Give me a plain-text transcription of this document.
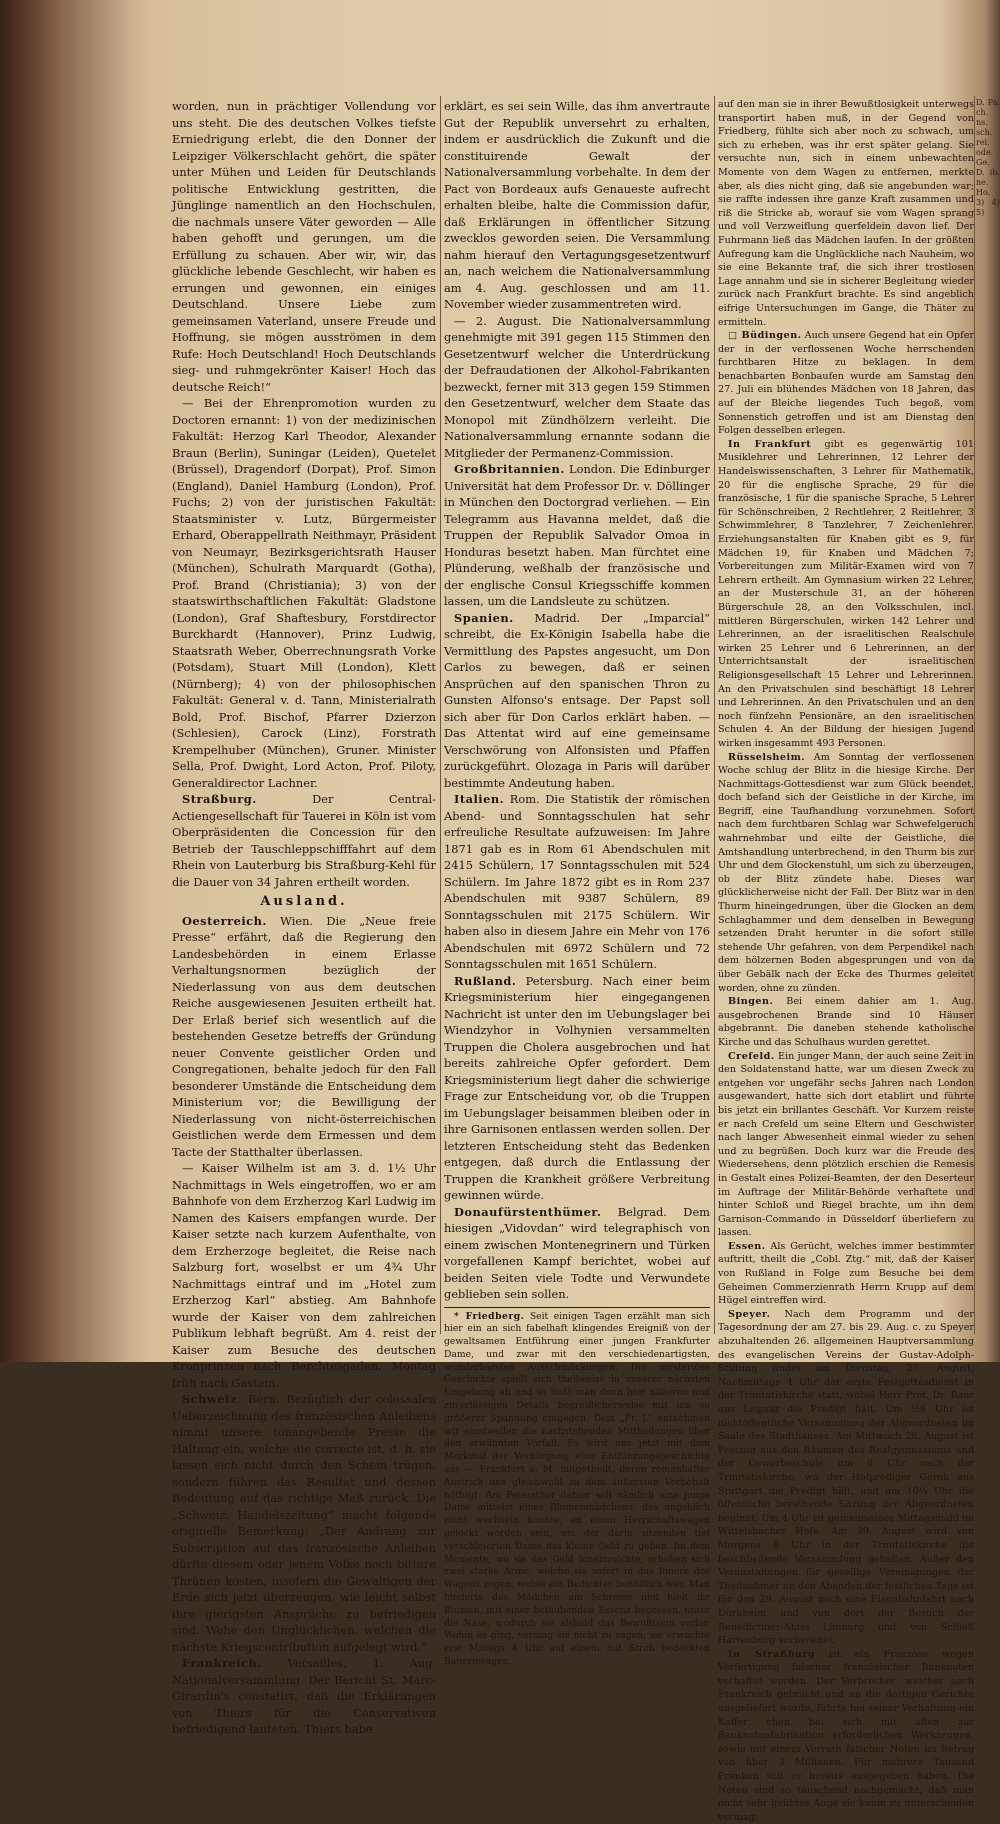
worden, nun in prächtiger Vollendung vor uns steht. Die des deutschen Volkes tiefste Erniedrigung erlebt, die den Donner der Leipziger Völkerschlacht gehört, die später unter Mühen und Leiden für Deutschlands politische Entwicklung gestritten, die Jünglinge namentlich an den Hochschulen, die nachmals unsere Väter geworden — Alle haben gehofft und gerungen, um die Erfüllung zu schauen. Aber wir, wir, das glückliche lebende Geschlecht, wir haben es errungen und gewonnen, ein einiges Deutschland. Unsere Liebe zum gemeinsamen Vaterland, unsere Freude und Hoffnung, sie mögen ausströmen in dem Rufe: Hoch Deutschland! Hoch Deutschlands sieg- und ruhmgekrönter Kaiser! Hoch das deutsche Reich!“

— Bei der Ehrenpromotion wurden zu Doctoren ernannt: 1) von der medizinischen Fakultät: Herzog Karl Theodor, Alexander Braun (Berlin), Suningar (Leiden), Quetelet (Brüssel), Dragendorf (Dorpat), Prof. Simon (England), Daniel Hamburg (London), Prof. Fuchs; 2) von der juristischen Fakultät: Staatsminister v. Lutz, Bürgermeister Erhard, Oberappellrath Neithmayr, Präsident von Neumayr, Bezirksgerichtsrath Hauser (München), Schulrath Marquardt (Gotha), Prof. Brand (Christiania); 3) von der staatswirthschaftlichen Fakultät: Gladstone (London), Graf Shaftesbury, Forstdirector Burckhardt (Hannover), Prinz Ludwig, Staatsrath Weber, Oberrechnungsrath Vorke (Potsdam), Stuart Mill (London), Klett (Nürnberg); 4) von der philosophischen Fakultät: General v. d. Tann, Ministerialrath Bold, Prof. Bischof, Pfarrer Dzierzon (Schlesien), Carock (Linz), Forstrath Krempelhuber (München), Gruner. Minister Sella, Prof. Dwight, Lord Acton, Prof. Piloty, Generaldirector Lachner.

Straßburg. Der Central-Actiengesellschaft für Tauerei in Köln ist vom Oberpräsidenten die Concession für den Betrieb der Tauschleppschifffahrt auf dem Rhein von Lauterburg bis Straßburg-Kehl für die Dauer von 34 Jahren ertheilt worden.

Ausland.

Oesterreich. Wien. Die „Neue freie Presse“ erfährt, daß die Regierung den Landesbehörden in einem Erlasse Verhaltungsnormen bezüglich der Niederlassung von aus dem deutschen Reiche ausgewiesenen Jesuiten ertheilt hat. Der Erlaß berief sich wesentlich auf die bestehenden Gesetze betreffs der Gründung neuer Convente geistlicher Orden und Congregationen, behalte jedoch für den Fall besonderer Umstände die Entscheidung dem Ministerium vor; die Bewilligung der Niederlassung von nicht-österreichischen Geistlichen werde dem Ermessen und dem Tacte der Statthalter überlassen.

— Kaiser Wilhelm ist am 3. d. 1½ Uhr Nachmittags in Wels eingetroffen, wo er am Bahnhofe von dem Erzherzog Karl Ludwig im Namen des Kaisers empfangen wurde. Der Kaiser setzte nach kurzem Aufenthalte, von dem Erzherzoge begleitet, die Reise nach Salzburg fort, woselbst er um 4¾ Uhr Nachmittags eintraf und im „Hotel zum Erzherzog Karl“ abstieg. Am Bahnhofe wurde der Kaiser von dem zahlreichen Publikum lebhaft begrüßt. Am 4. reist der Kaiser zum Besuche des deutschen Kronprinzen nach Berchtesgaden, Montag früh nach Gastein.

Schweiz. Bern. Bezüglich der colossalen Ueberzeichnung des französischen Anleihens nimmt unsere tonangebende Presse die Haltung ein, welche die correcte ist, d. h. sie lassen sich nicht durch den Schein trügen, sondern führen das Resultat und dessen Bedeutung auf das richtige Maß zurück. Die „Schweiz. Handelszeitung“ macht folgende originelle Bemerkung: „Der Andrang zur Subscription auf das französische Anleihen dürfte diesem oder jenem Volke noch bittere Thränen kosten, insofern die Gewaltigen der Erde sich jetzt überzeugen, wie leicht selbst ihre gierigsten Ansprüche zu befriedigen sind. Wehe den Unglücklichen, welchen die nächste Kriegscontribution aufgelegt wird.“

Frankreich. Versailles, 1. Aug. Nationalversammlung. Der Bericht St. Marc-Girardin's constatirt, daß die Erklärungen von Thiers für die Conservativen befriedigend lauteten. Thiers habe

erklärt, es sei sein Wille, das ihm anvertraute Gut der Republik unversehrt zu erhalten, indem er ausdrücklich die Zukunft und die constituirende Gewalt der Nationalversammlung vorbehalte. In dem der Pact von Bordeaux aufs Genaueste aufrecht erhalten bleibe, halte die Commission dafür, daß Erklärungen in öffentlicher Sitzung zwecklos geworden seien. Die Versammlung nahm hierauf den Vertagungsgesetzentwurf an, nach welchem die Nationalversammlung am 4. Aug. geschlossen und am 11. November wieder zusammentreten wird.

— 2. August. Die Nationalversammlung genehmigte mit 391 gegen 115 Stimmen den Gesetzentwurf welcher die Unterdrückung der Defraudationen der Alkohol-Fabrikanten bezweckt, ferner mit 313 gegen 159 Stimmen den Gesetzentwurf, welcher dem Staate das Monopol mit Zündhölzern verleiht. Die Nationalversammlung ernannte sodann die Mitglieder der Permanenz-Commission.

Großbritannien. London. Die Edinburger Universität hat dem Professor Dr. v. Döllinger in München den Doctorgrad verliehen. — Ein Telegramm aus Havanna meldet, daß die Truppen der Republik Salvador Omoa in Honduras besetzt haben. Man fürchtet eine Plünderung, weßhalb der französische und der englische Consul Kriegsschiffe kommen lassen, um die Landsleute zu schützen.

Spanien. Madrid. Der „Imparcial“ schreibt, die Ex-Königin Isabella habe die Vermittlung des Papstes angesucht, um Don Carlos zu bewegen, daß er seinen Ansprüchen auf den spanischen Thron zu Gunsten Alfonso's entsage. Der Papst soll sich aber für Don Carlos erklärt haben. — Das Attentat wird auf eine gemeinsame Verschwörung von Alfonsisten und Pfaffen zurückgeführt. Olozaga in Paris will darüber bestimmte Andeutung haben.

Italien. Rom. Die Statistik der römischen Abend- und Sonntagsschulen hat sehr erfreuliche Resultate aufzuweisen: Im Jahre 1871 gab es in Rom 61 Abendschulen mit 2415 Schülern, 17 Sonntagsschulen mit 524 Schülern. Im Jahre 1872 gibt es in Rom 237 Abendschulen mit 9387 Schülern, 89 Sonntagsschulen mit 2175 Schülern. Wir haben also in diesem Jahre ein Mehr von 176 Abendschulen mit 6972 Schülern und 72 Sonntagsschulen mit 1651 Schülern.

Rußland. Petersburg. Nach einer beim Kriegsministerium hier eingegangenen Nachricht ist unter den im Uebungslager bei Wiendzyhor in Volhynien versammelten Truppen die Cholera ausgebrochen und hat bereits zahlreiche Opfer gefordert. Dem Kriegsministerium liegt daher die schwierige Frage zur Entscheidung vor, ob die Truppen im Uebungslager beisammen bleiben oder in ihre Garnisonen entlassen werden sollen. Der letzteren Entscheidung steht das Bedenken entgegen, daß durch die Entlassung der Truppen die Krankheit größere Verbreitung gewinnen würde.

Donaufürstenthümer. Belgrad. Dem hiesigen „Vidovdan“ wird telegraphisch von einem zwischen Montenegrinern und Türken vorgefallenen Kampf berichtet, wobei auf beiden Seiten viele Todte und Verwundete geblieben sein sollen.

* Friedberg. Seit einigen Tagen erzählt man sich hier ein an sich fabelhaft klingendes Ereigniß von der gewaltsamen Entführung einer jungen Frankfurter Dame, und zwar mit den verschiedenartigsten, wunderbarsten Ausschmückungen. Die mysteriöse Geschichte spielt sich theilweise in unserer nächsten Umgebung ab und so ließt man denn hier näheren und zuverlässigen Details begreiflicherweise mit um so größerer Spannung entgegen. Dem „Fr. J.“ entnehmen wir einstweilen die nachstehenden Mittheilungen über den erwähnten Vorfall: Es wird uns jetzt mit dem Merkmal der Verbürgung eine Entführungsgeschichte aus — Frankfurt a. M. mitgetheilt, deren romanhafter Anstrich uns gleichwohl zu dem äußersten Vorbehalt nöthigt. Am Petersthor dahier soll nämlich eine junge Dame mittelst eines Blumenmädchens, das angeblich nicht wechseln konnte, an einen Herrschaftswagen gelockt worden sein, um der darin sitzenden tief verschleierten Dame das kleine Geld zu geben. Im dem Momente, wo sie das Geld hineinreichte, erhoben sich zwei starke Arme, welche sie sofort in das Innere des Wagens zogen, wobei ein Bedienter behülflich war. Man hinderte das Mädchen am Schreien und hielt ihr Blumen, mit einer betäubenden Essenz begossen, unter die Nase, wodurch sie alsbald das Bewußtsein verlor. Wohin es ging, vermag sie nicht zu sagen; sie erwachte erst Mittags 4 Uhr auf einem mit Stroh bedeckten Bauernwagen,

auf den man sie in ihrer Bewußtlosigkeit unterwegs transportirt haben muß, in der Gegend von Friedberg, fühlte sich aber noch zu schwach, um sich zu erheben, was ihr erst später gelang. Sie versuchte nun, sich in einem unbewachten Momente von dem Wagen zu entfernen, merkte aber, als dies nicht ging, daß sie angebunden war; sie raffte indessen ihre ganze Kraft zusammen und riß die Stricke ab, worauf sie vom Wagen sprang und voll Verzweiflung querfeldein davon lief. Der Fuhrmann ließ das Mädchen laufen. In der größten Aufregung kam die Unglückliche nach Nauheim, wo sie eine Bekannte traf, die sich ihrer trostlosen Lage annahm und sie in sicherer Begleitung wieder zurück nach Frankfurt brachte. Es sind angeblich eifrige Untersuchungen im Gange, die Thäter zu ermitteln.

□ Büdingen. Auch unsere Gegend hat ein Opfer der in der verflossenen Woche herrschenden furchtbaren Hitze zu beklagen. In dem benachbarten Bonbaufen wurde am Samstag den 27. Juli ein blühendes Mädchen von 18 Jahren, das auf der Bleiche liegendes Tuch begoß, vom Sonnenstich getroffen und ist am Dienstag den Folgen desselben erlegen.

In Frankfurt gibt es gegenwärtig 101 Musiklehrer und Lehrerinnen, 12 Lehrer der Handelswissenschaften, 3 Lehrer für Mathematik, 20 für die englische Sprache, 29 für die französische, 1 für die spanische Sprache, 5 Lehrer für Schönschreiben, 2 Rechtlehrer, 2 Reitlehrer, 3 Schwimmlehrer, 8 Tanzlehrer, 7 Zeichenlehrer. Erziehungsanstalten für Knaben gibt es 9, für Mädchen 19, für Knaben und Mädchen 7; Vorbereitungen zum Militär-Examen wird von 7 Lehrern ertheilt. Am Gymnasium wirken 22 Lehrer, an der Musterschule 31, an der höheren Bürgerschule 28, an den Volksschulen, incl. mittleren Bürgerschulen, wirken 142 Lehrer und Lehrerinnen, an der israelitischen Realschule wirken 25 Lehrer und 6 Lehrerinnen, an der Unterrichtsanstalt der israelitischen Religionsgesellschaft 15 Lehrer und Lehrerinnen. An den Privatschulen sind beschäftigt 18 Lehrer und Lehrerinnen. An den Privatschulen und an den noch fünfzehn Pensionäre, an den israelitischen Schulen 4. An der Bildung der hiesigen Jugend wirken insgesammt 493 Personen.

Rüsselsheim. Am Sonntag der verflossenen Woche schlug der Blitz in die hiesige Kirche. Der Nachmittags-Gottesdienst war zum Glück beendet, doch befand sich der Geistliche in der Kirche, im Begriff, eine Taufhandlung vorzunehmen. Sofort nach dem furchtbaren Schlag war Schwefelgeruch wahrnehmbar und eilte der Geistliche, die Amtshandlung unterbrechend, in den Thurm bis zur Uhr und dem Glockenstuhl, um sich zu überzeugen, ob der Blitz zündete habe. Dieses war glücklicherweise nicht der Fall. Der Blitz war in den Thurm hineingedrungen, über die Glocken an dem Schlaghammer und dem denselben in Bewegung setzenden Draht herunter in die sofort stille stehende Uhr gefahren, von dem Perpendikel nach dem hölzernen Boden abgesprungen und von da über Gebälk nach der Ecke des Thurmes geleitet worden, ohne zu zünden.

Bingen. Bei einem dahier am 1. Aug. ausgebrochenen Brande sind 10 Häuser abgebrannt. Die daneben stehende katholische Kirche und das Schulhaus wurden gerettet.

Crefeld. Ein junger Mann, der auch seine Zeit in den Soldatenstand hatte, war um diesen Zweck zu entgehen vor ungefähr sechs Jahren nach London ausgewandert, hatte sich dort etablirt und führte bis jetzt ein brillantes Geschäft. Vor Kurzem reiste er nach Crefeld um seine Eltern und Geschwister nach langer Abwesenheit einmal wieder zu sehen und zu begrüßen. Doch kurz war die Freude des Wiedersehens, denn plötzlich erschien die Remesis in Gestalt eines Polizei-Beamten, der den Deserteur im Auftrage der Militär-Behörde verhaftete und hinter Schloß und Riegel brachte, um ihn dem Garnison-Commando in Düsseldorf überliefern zu lassen.

Essen. Als Gerücht, welches immer bestimmter auftritt, theilt die „Cobl. Ztg.“ mit, daß der Kaiser von Rußland in Folge zum Besuche bei dem Geheimen Commerzienrath Herrn Krupp auf dem Hügel eintreffen wird.

Speyer. Nach dem Programm und der Tagesordnung der am 27. bis 29. Aug. c. zu Speyer abzuhaltenden 26. allgemeinen Hauptversammlung des evangelischen Vereins der Gustav-Adolph-Stiftung findet am Dienstag, 27. August, Nachmittags 4 Uhr der erste Festgottesdienst in der Trinitatiskirche statt, wobei Herr Prof. Dr. Baur aus Leipzig die Predigt hält. Um ½6 Uhr ist nichtöffentliche Versammlung der Abgeordneten im Saale des Stadthauses. Am Mittwoch 28. August ist Festzug aus den Räumen des Realgymnasiums und der Gewerbeschule um 8 Uhr nach der Trinitatiskirche, wo der Hofprediger Gerok aus Stuttgart die Predigt hält, und um 10¼ Uhr die öffentliche berathende Sitzung der Abgeordneten beginnt. Um 4 Uhr ist gemeinsames Mittagsmahl im Wittelsbacher Hofe. Am 29. August wird von Morgens 8 Uhr in der Trinitatiskirche die beschließende Versammlung gehalten. Außer den Veranstaltungen für gesellige Vereinigungen der Theilnehmer an den Abenden der festlichen Tage ist für den 29. August noch eine Eisenbahnfahrt nach Dürkheim und von dort der Besuch der Benedictiner-Abtei Limburg und von Schloß Hartenburg vorbereitet.

In Straßburg ist ein Franzose wegen Verfertigung falscher französischer Banknoten verhaftet worden. Der Verbrecher, welcher nach Frankreich gebracht und an die dortigen Gerichte ausgeliefert wurde, führte bei seiner Verhaftung ein Koffer chen bei sich mit allen zur Banknotenfabrikation erforderlichen Werkzeugen, sowie mit einem Vorrath falscher Noten im Betrag von über 3 Millionen. Für mehrere Tausend Franken soll er bereits ausgegeben haben. Die Noten sind so täuschend nachgemacht, daß man nicht sehr geübtes Auge sie kaum zu unterscheiden vermag.

D. Pa. ch. ns. sch. rei. ode. Ge. D. ib. ne. Ho. 3) 4) 5)
